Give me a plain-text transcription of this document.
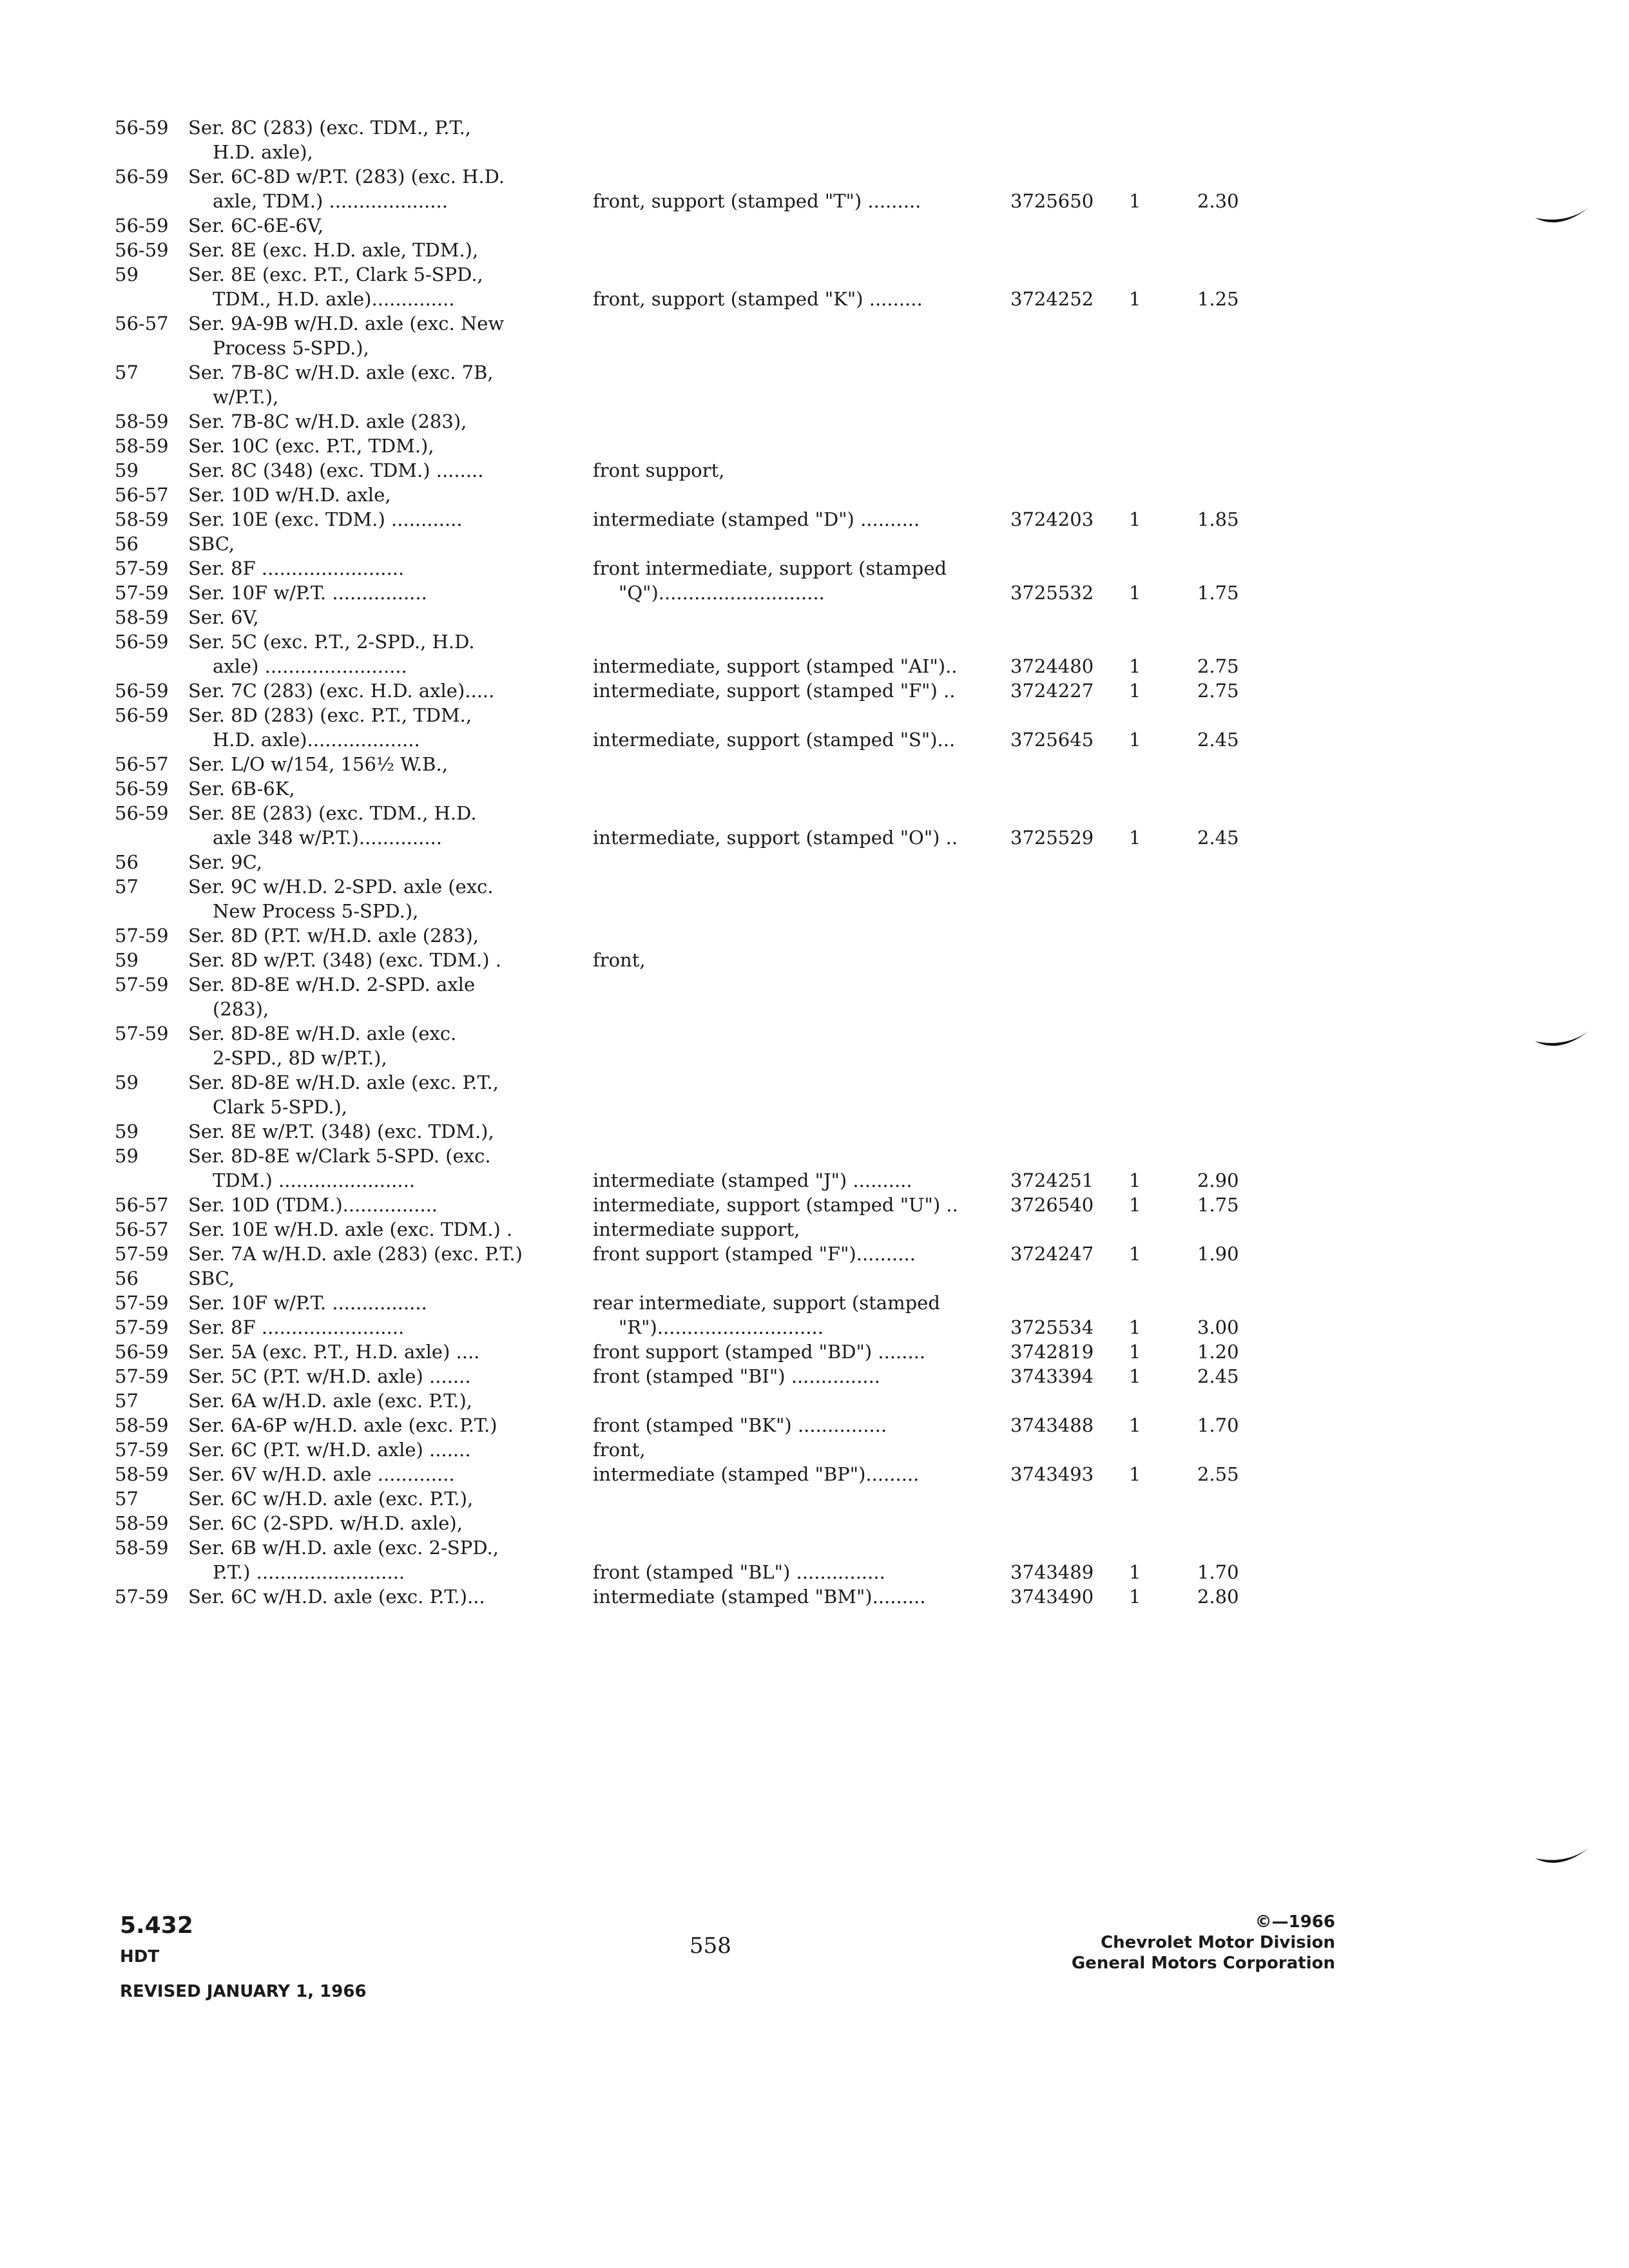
56-59 Ser. 8C (283) (exc. TDM., P.T.,
H.D. axle),
56-59 Ser. 6C-8D w/P.T. (283) (exc. H.D.
axle, TDM.) ....................	front, support (stamped "T") .........	3725650 1	2.30
56-59 Ser. 6C-6E-6V,
56-59 Ser. 8E (exc. H.D. axle, TDM.),
59	Ser. 8E (exc. P.T., Clark 5-SPD.,
TDM., H.D. axle)..............	front, support (stamped "K") .........	3724252 1	1.25
56-57 Ser. 9A-9B w/H.D. axle (exc. New
Process 5-SPD.),
57	Ser. 7B-8C w/H.D. axle (exc. 7B,
w/P.T.),
58-59 Ser. 7B-8C w/H.D. axle (283),
58-59 Ser. 10C (exc. P.T., TDM.),
59	Ser. 8C (348) (exc. TDM.) ........	front support,
56-57 Ser. 10D w/H.D. axle,
58-59 Ser. 10E (exc. TDM.) ............	intermediate (stamped "D") ..........	3724203 1	1.85
56	SBC,
57-59 Ser. 8F ........................	front intermediate, support (stamped
57-59 Ser. 10F w/P.T. ................	"Q")............................	3725532 1	1.75
58-59 Ser. 6V,
56-59 Ser. 5C (exc. P.T., 2-SPD., H.D.
axle) ........................	intermediate, support (stamped "AI")..	3724480 1	2.75
56-59 Ser. 7C (283) (exc. H.D. axle).....	intermediate, support (stamped "F") ..	3724227 1	2.75
56-59 Ser. 8D (283) (exc. P.T., TDM.,
H.D. axle)...................	intermediate, support (stamped "S")...	3725645 1	2.45
56-57 Ser. L/O w/154, 156½ W.B.,
56-59 Ser. 6B-6K,
56-59 Ser. 8E (283) (exc. TDM., H.D.
axle 348 w/P.T.)..............	intermediate, support (stamped "O") ..	3725529 1	2.45
56	Ser. 9C,
57	Ser. 9C w/H.D. 2-SPD. axle (exc.
New Process 5-SPD.),
57-59 Ser. 8D (P.T. w/H.D. axle (283),
59	Ser. 8D w/P.T. (348) (exc. TDM.) .	front,
57-59 Ser. 8D-8E w/H.D. 2-SPD. axle
(283),
57-59 Ser. 8D-8E w/H.D. axle (exc.
2-SPD., 8D w/P.T.),
59	Ser. 8D-8E w/H.D. axle (exc. P.T.,
Clark 5-SPD.),
59	Ser. 8E w/P.T. (348) (exc. TDM.),
59	Ser. 8D-8E w/Clark 5-SPD. (exc.
TDM.) .......................	intermediate (stamped "J") ..........	3724251 1	2.90
56-57 Ser. 10D (TDM.)................	intermediate, support (stamped "U") ..	3726540 1	1.75
56-57 Ser. 10E w/H.D. axle (exc. TDM.) .	intermediate support,
57-59 Ser. 7A w/H.D. axle (283) (exc. P.T.)	front support (stamped "F")..........	3724247 1	1.90
56	SBC,
57-59 Ser. 10F w/P.T. ................	rear intermediate, support (stamped
57-59 Ser. 8F ........................	"R")............................	3725534 1	3.00
56-59 Ser. 5A (exc. P.T., H.D. axle) ....	front support (stamped "BD") ........	3742819 1	1.20
57-59 Ser. 5C (P.T. w/H.D. axle) .......	front (stamped "BI") ...............	3743394 1	2.45
57	Ser. 6A w/H.D. axle (exc. P.T.),
58-59 Ser. 6A-6P w/H.D. axle (exc. P.T.)	front (stamped "BK") ...............	3743488 1	1.70
57-59 Ser. 6C (P.T. w/H.D. axle) .......	front,
58-59 Ser. 6V w/H.D. axle .............	intermediate (stamped "BP").........	3743493 1	2.55
57	Ser. 6C w/H.D. axle (exc. P.T.),
58-59 Ser. 6C (2-SPD. w/H.D. axle),
58-59 Ser. 6B w/H.D. axle (exc. 2-SPD.,
P.T.) .........................	front (stamped "BL") ...............	3743489 1	1.70
57-59 Ser. 6C w/H.D. axle (exc. P.T.)...	intermediate (stamped "BM").........	3743490 1	2.80
5.432
HDT
REVISED JANUARY 1, 1966
558
©—1966
Chevrolet Motor Division
General Motors Corporation
